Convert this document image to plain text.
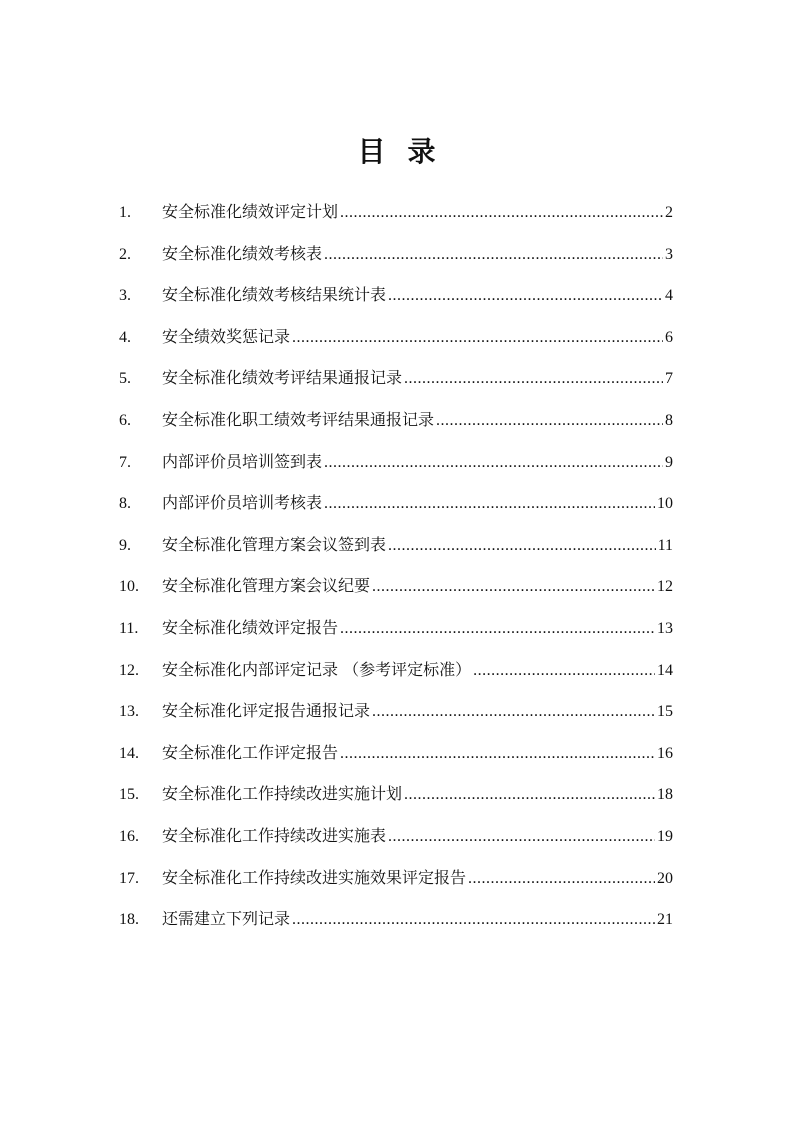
目录
1.	安全标准化绩效评定计划 .....	2
2.	安全标准化绩效考核表 .....	3
3.	安全标准化绩效考核结果统计表 .....	4
4.	安全绩效奖惩记录 .....	6
5.	安全标准化绩效考评结果通报记录 .....	7
6.	安全标准化职工绩效考评结果通报记录 .....	8
7.	内部评价员培训签到表 .....	9
8.	内部评价员培训考核表 .....	10
9.	安全标准化管理方案会议签到表 .....	11
10.	安全标准化管理方案会议纪要 .....	12
11.	安全标准化绩效评定报告 .....	13
12.	安全标准化内部评定记录 （参考评定标准） .....	14
13.	安全标准化评定报告通报记录 .....	15
14.	安全标准化工作评定报告 .....	16
15.	安全标准化工作持续改进实施计划 .....	18
16.	安全标准化工作持续改进实施表 .....	19
17.	安全标准化工作持续改进实施效果评定报告 .....	20
18.	还需建立下列记录 .....	21
